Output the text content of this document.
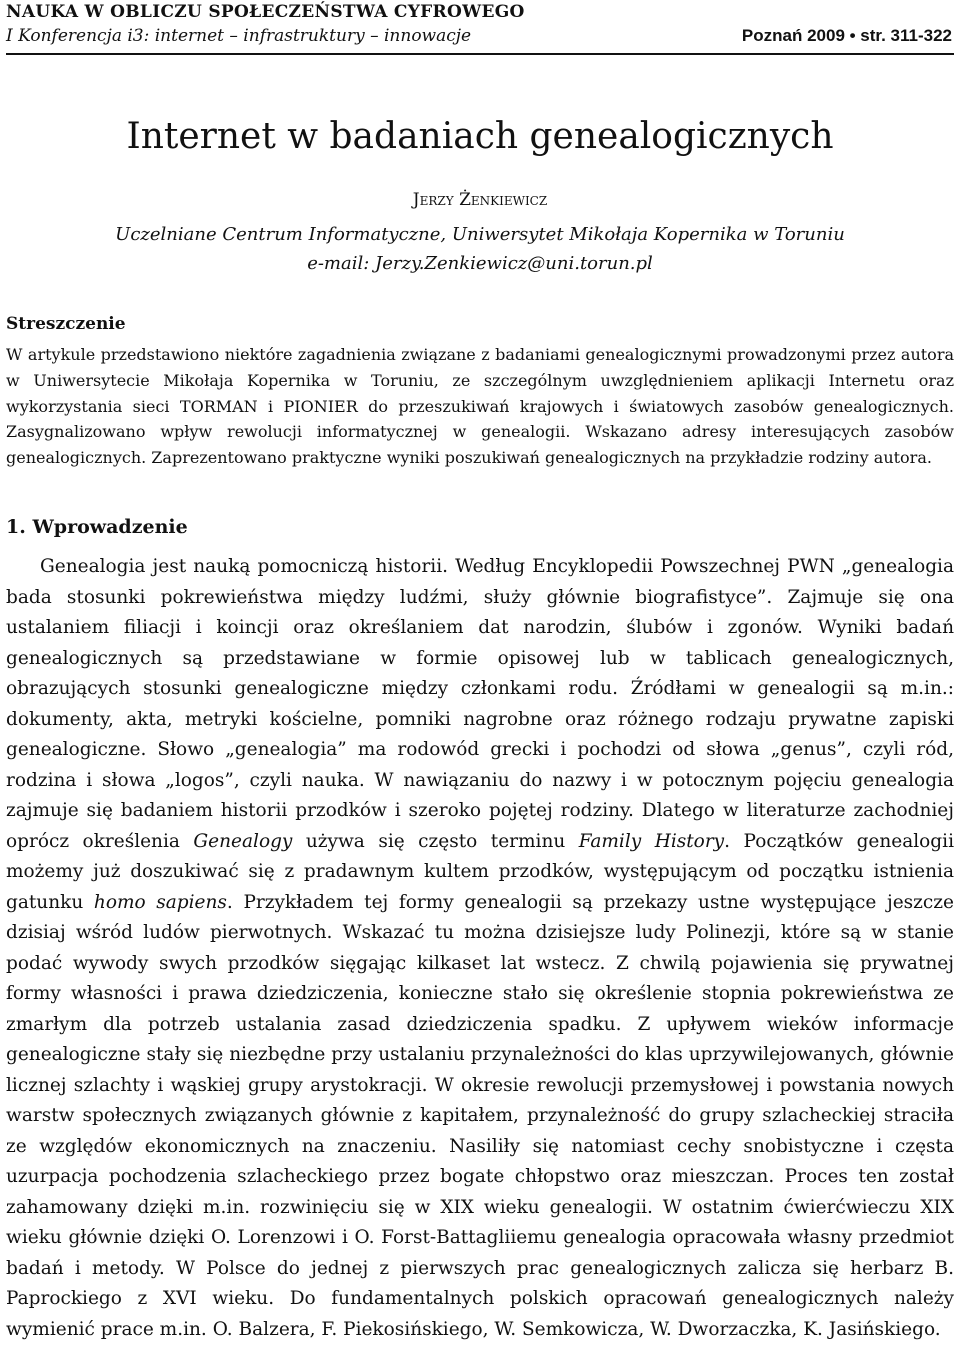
NAUKA W OBLICZU SPOŁECZEŃSTWA CYFROWEGO
I Konferencja i3: internet – infrastruktury – innowacje	Poznań 2009 • str. 311-322
Internet w badaniach genealogicznych
Jerzy Żenkiewicz
Uczelniane Centrum Informatyczne, Uniwersytet Mikołaja Kopernika w Toruniu
e-mail: Jerzy.Zenkiewicz@uni.torun.pl
Streszczenie

W artykule przedstawiono niektóre zagadnienia związane z badaniami genealogicznymi prowadzonymi przez autora w Uniwersytecie Mikołaja Kopernika w Toruniu, ze szczególnym uwzględnieniem aplikacji Internetu oraz wykorzystania sieci TORMAN i PIONIER do przeszukiwań krajowych i światowych zasobów genealogicznych. Zasygnalizowano wpływ rewolucji informatycznej w genealogii. Wskazano adresy interesujących zasobów genealogicznych. Zaprezentowano praktyczne wyniki poszukiwań genealogicznych na przykładzie rodziny autora.

1. Wprowadzenie

Genealogia jest nauką pomocniczą historii. Według Encyklopedii Powszechnej PWN „genealogia bada stosunki pokrewieństwa między ludźmi, służy głównie biografistyce”. Zajmuje się ona ustalaniem filiacji i koincji oraz określaniem dat narodzin, ślubów i zgonów. Wyniki badań genealogicznych są przedstawiane w formie opisowej lub w tablicach genealogicznych, obrazujących stosunki genealogiczne między członkami rodu. Źródłami w genealogii są m.in.: dokumenty, akta, metryki kościelne, pomniki nagrobne oraz różnego rodzaju prywatne zapiski genealogiczne. Słowo „genealogia” ma rodowód grecki i pochodzi od słowa „genus”, czyli ród, rodzina i słowa „logos”, czyli nauka. W nawiązaniu do nazwy i w potocznym pojęciu genealogia zajmuje się badaniem historii przodków i szeroko pojętej rodziny. Dlatego w literaturze zachodniej oprócz określenia Genealogy używa się często terminu Family History. Początków genealogii możemy już doszukiwać się z pradawnym kultem przodków, występującym od początku istnienia gatunku homo sapiens. Przykładem tej formy genealogii są przekazy ustne występujące jeszcze dzisiaj wśród ludów pierwotnych. Wskazać tu można dzisiejsze ludy Polinezji, które są w stanie podać wywody swych przodków sięgając kilkaset lat wstecz. Z chwilą pojawienia się prywatnej formy własności i prawa dziedziczenia, konieczne stało się określenie stopnia pokrewieństwa ze zmarłym dla potrzeb ustalania zasad dziedziczenia spadku. Z upływem wieków informacje genealogiczne stały się niezbędne przy ustalaniu przynależności do klas uprzywilejowanych, głównie licznej szlachty i wąskiej grupy arystokracji. W okresie rewolucji przemysłowej i powstania nowych warstw społecznych związanych głównie z kapitałem, przynależność do grupy szlacheckiej straciła ze względów ekonomicznych na znaczeniu. Nasiliły się natomiast cechy snobistyczne i częsta uzurpacja pochodzenia szlacheckiego przez bogate chłopstwo oraz mieszczan. Proces ten został zahamowany dzięki m.in. rozwinięciu się w XIX wieku genealogii. W ostatnim ćwierćwieczu XIX wieku głównie dzięki O. Lorenzowi i O. Forst-Battagliiemu genealogia opracowała własny przedmiot badań i metody. W Polsce do jednej z pierwszych prac genealogicznych zalicza się herbarz B. Paprockiego z XVI wieku. Do fundamentalnych polskich opracowań genealogicznych należy wymienić prace m.in. O. Balzera, F. Piekosińskiego, W. Semkowicza, W. Dworzaczka, K. Jasińskiego.
